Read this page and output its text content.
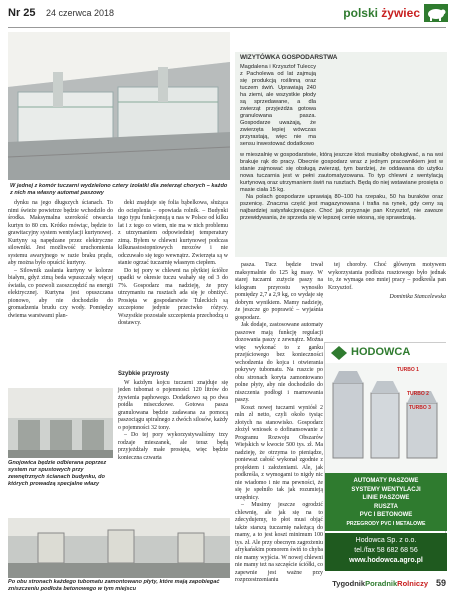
Nr 25 24 czerwca 2018	polski żywiec
W jednej z komór tuczarni wydzielono cztery izolatki dla zwierząt chorych – każdo z nich ma własny automat paszowy
WIZYTÓWKA GOSPODARSTWA
Magdalena i Krzysztof Tuleccy z Pacholewa od lat zajmują się produkcją roślinną oraz tuczem świń. Uprawiają 240 ha ziemi, ale wszystkie płody są sprzedawane, a dla zwierząt przyjeżdża gotowa granulowana pasza. Gospodarze uważają, że zwierzęta lepiej wówczas przyrastają, więc nie ma sensu inwestować dodatkowo
w mieszalnię w gospodarstwie, którą jeszcze ktoś musiałby obsługiwać, a na wsi brakuje rąk do pracy. Obecnie gospodarz wraz z jednym pracownikiem jest w stanie zajmować się obsługą zwierząt, tym bardziej, że oddawana do użytku nowa tuczarnia jest w pełni zautomatyzowana. To typ chlewni z wentylacją kurtynową oraz utrzymaniem świń na rusztach. Będą do niej wstawiane prosięta o masie ciała 15 kg.
Na polach gospodarze uprawiają 80–100 ha rzepaku, 50 ha buraków oraz pszenicę. Znaczna część jest magazynowana i trafia na rynek, gdy ceny są najbardziej satysfakcjonujące. Choć jak przyznaje pan Krzysztof, nie zawsze przewidywania, że sprzeda się w lepszej cenie wiosną, się sprawdzają.

dynku na jego długszych ścianach. To nimi świeże powietrze będzie wchodziło do środka. Maksymalna szerokość otwarcia kurtyn to 80 cm. Krótko mówiąc, będzie to grawitacyjny system wentylacji kurtynowej. Kurtyny są napędzane przez elektryczne silowniki. Jest możliwość uruchomienia systemu awaryjnego w razie braku prądu, aby można było opuścić kurtyny.

– Silownik zasłania kurtyny w kolorze białym, gdyż zimą beda wpuszczały więcej światła, co pozwoli zaoszczędzić na energii elektrycznej. Kurtyna jest opuszczana pionowo, aby nie dochodziło do gromadzenia brudu czy wody. Pomiędzy dwiema warstwami plan-

deki znajduje się folia bąbelkowa, służąca do ocieplenia – opowiada rolnik. – Budynki tego typu funkcjonują u nas w Polsce od kilku lat i z tego co wiem, nie ma w nich problemu z utrzymaniem odpowiedniej temperatury zimą. Byłem w chlewni kurtynowej podczas kilkunastostopniowych mrozów i nie odczuwało się tego wewnątrz. Zwierzęta są w stanie ogrzać tuczarnię własnym ciepłem.

Do tej pory w chlewni na płytkiej ściółce upadki w okresie tuczu wahały się od 3 do 7%. Gospodarz ma nadzieję, że przy utrzymaniu na rusztach ada się je obniżyć. Prosięta w gospodarstwie Tuleckich są szczepione jedynie przeciwko różycy. Wszystkie pozostałe szczepienia przechodzą u dostawcy.

Gnojowica będzie odbierana poprzez system rur spustowych przy zewnętrznych ścianach budynku, do których prowadzą specjalne włazy
Szybkie przyrosty

W każdym kojcu tuczarni znajduje się jeden tubomat o pojemności 120 litrów do żywienia paphowego. Dodatkowo są po dwa poidła miseczkowe. Gotowa pasza granulowana będzie zadawana za pomocą paszociągu spiralnego z dwóch silosów, każdy o pojemności 32 tony.

– Do tej pory wykorzystywaliśmy trzy rodzaje mieszanek, ale teraz będą przyjeżdżały małe prosięta, więc będzie konieczna czwarta

Po obu stronach każdego tubomatu zamontowano płyty, które mają zapobiegać zniszczeniu podłoża betonowego w tym miejscu

pasza. Tucz będzie trwał maksymalnie do 125 kg masy. W starej tuczarni zużycie paszy na kilogram przyrostu wynosiło pomiędzy 2,7 a 2,9 kg, co wydaje się dobrym wynikiem. Mamy nadzieję, że jeszcze go poprawić – wyjaśnia gospodarz.

Jak dodaje, zastosowane automaty paszowe mają funkcję regulacji dozowania paszy z zewnątrz. Można więc wykonać to z ganku przejściowego bez konieczności wchodzenia do kojca i otwierania pokrywy tubomatu. Na ruszcie po obu stronach korytа zamontowano polne płyty, aby nie dochodziło do niszczenia podłogi i marnowania paszy.

Koszt nowej tuczarni wyniósł 2 mln zł netto, czyli około tysiąc złotych na stanowisko. Gospodarz złożył wniosek o dofinansowanie z Programu Rozwoju Obszarów Wiejskich w kwocie 500 tys. zł. Ma nadzieję, że otrzyma to pieniądze, ponieważ całość wykonał zgodnie z projektem i założeniami. Ale, jak podkreśla, z wymogami to nigdy nic nie wiadomo i nie ma pewności, że się je spełniło tak jak rozumieją urzędnicy.

– Musimy jeszcze ogrodzić chlewnię, ale jak się na to zdecydujemy, to płot musi objąć także starszą tuczarnię należącą do mamy, a to jest koszt minimum 100 tys. zł. Ale przy obecnym zagrożeniu afrykańskim pomorem świń to chyba nie mamy wyjścia. W nowej chlewni nie mamy też na szczęście ściółki, co zapewnie jest ważne przy rozprzestrzenianiu

tej choroby. Choć głównym motywem wykorzystania podłoża rusztowego było jednak to, że wymaga ono mniej pracy – podkreśla pan Krzysztof.

Dominika Stancelewska
HODOWCA
TURBO 1
TURBO 2
TURBO 3
AUTOMATY PASZOWE
SYSTEMY WENTYLACJI
LINIE PASZOWE
RUSZTA
PVC I BETONOWE
PRZEGRODY PVC I METALOWE
Hodowca Sp. z o.o.
tel./fax 58 682 68 56
www.hodowca.agro.pl
TygodnikPoradnikRolniczy 59
